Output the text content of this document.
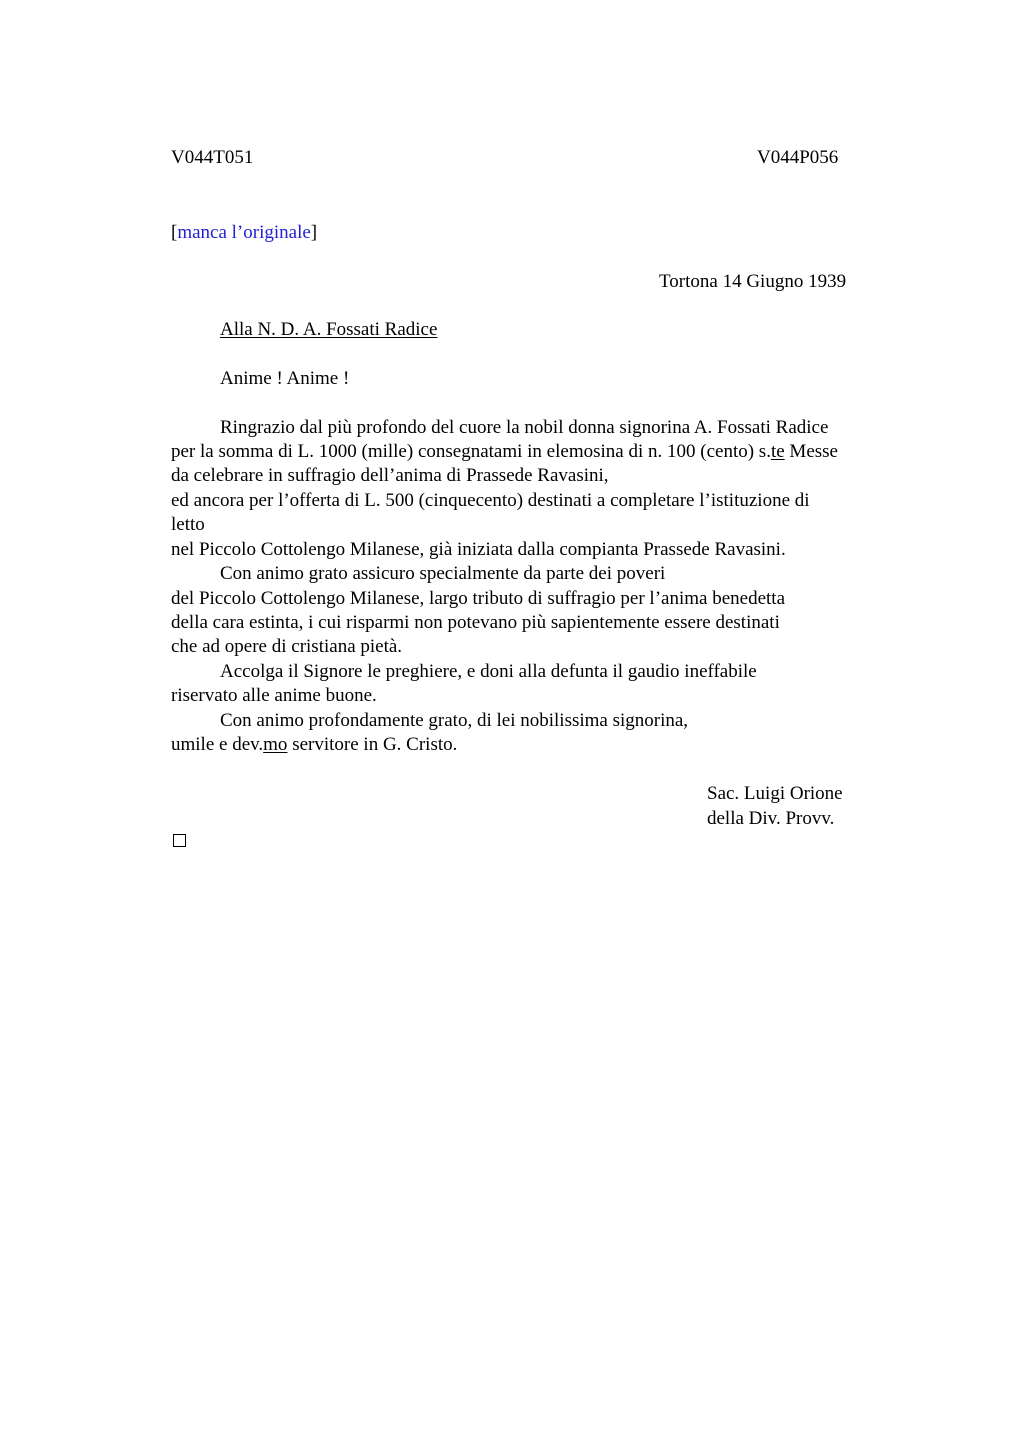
V044T051	V044P056
[manca l’originale]
Tortona 14 Giugno 1939
Alla N. D. A. Fossati Radice
Anime ! Anime !
Ringrazio dal più profondo del cuore la nobil donna signorina A. Fossati Radice
per la somma di L. 1000 (mille) consegnatami in elemosina di n. 100 (cento) s.te Messe
da celebrare in suffragio dell’anima di Prassede Ravasini,
ed ancora per l’offerta di L. 500 (cinquecento) destinati a completare l’istituzione di
letto
nel Piccolo Cottolengo Milanese, già iniziata dalla compianta Prassede Ravasini.
Con animo grato assicuro specialmente da parte dei poveri
del Piccolo Cottolengo Milanese, largo tributo di suffragio per l’anima benedetta
della cara estinta, i cui risparmi non potevano più sapientemente essere destinati
che ad opere di cristiana pietà.
Accolga il Signore le preghiere, e doni alla defunta il gaudio ineffabile
riservato alle anime buone.
Con animo profondamente grato, di lei nobilissima signorina,
umile e dev.mo servitore in G. Cristo.
Sac. Luigi Orione
della Div. Provv.
